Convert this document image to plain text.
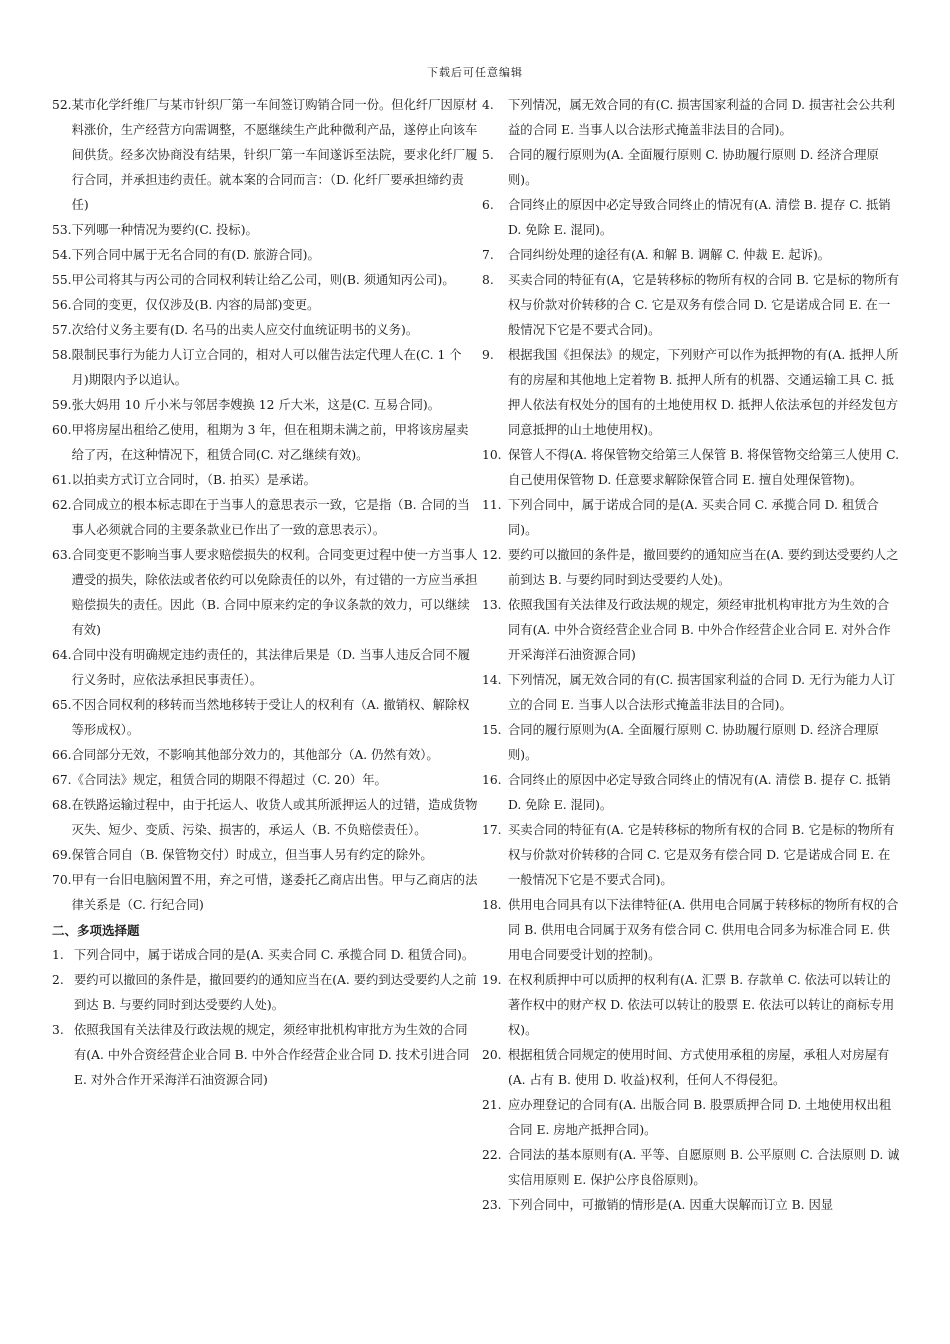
下载后可任意编辑
52. 某市化学纤维厂与某市针织厂第一车间签订购销合同一份。但化纤厂因原材料涨价，生产经营方向需调整，不愿继续生产此种微利产品，遂停止向该车间供货。经多次协商没有结果，针织厂第一车间遂诉至法院，要求化纤厂履行合同，并承担违约责任。就本案的合同而言：（D. 化纤厂要承担缔约责任)
53. 下列哪一种情况为要约(C. 投标)。
54. 下列合同中属于无名合同的有(D. 旅游合同)。
55. 甲公司将其与丙公司的合同权利转让给乙公司，则(B. 须通知丙公司)。
56. 合同的变更，仅仅涉及(B. 内容的局部)变更。
57. 次给付义务主要有(D. 名马的出卖人应交付血统证明书的义务)。
58. 限制民事行为能力人订立合同的，相对人可以催告法定代理人在(C. 1 个月)期限内予以追认。
59. 张大妈用 10 斤小米与邻居李嫂换 12 斤大米，这是(C. 互易合同)。
60. 甲将房屋出租给乙使用，租期为 3 年，但在租期未满之前，甲将该房屋卖给了丙，在这种情况下，租赁合同(C. 对乙继续有效)。
61. 以拍卖方式订立合同时，（B. 拍买）是承诺。
62. 合同成立的根本标志即在于当事人的意思表示一致，它是指（B. 合同的当事人必须就合同的主要条款业已作出了一致的意思表示）。
63. 合同变更不影响当事人要求赔偿损失的权利。合同变更过程中使一方当事人遭受的损失，除依法或者依约可以免除责任的以外，有过错的一方应当承担赔偿损失的责任。因此（B. 合同中原来约定的争议条款的效力，可以继续有效)
64. 合同中没有明确规定违约责任的，其法律后果是（D. 当事人违反合同不履行义务时，应依法承担民事责任）。
65. 不因合同权利的移转而当然地移转于受让人的权利有（A. 撤销权、解除权等形成权）。
66. 合同部分无效，不影响其他部分效力的，其他部分（A. 仍然有效）。
67. 《合同法》规定，租赁合同的期限不得超过（C. 20）年。
68. 在铁路运输过程中，由于托运人、收货人或其所派押运人的过错，造成货物灭失、短少、变质、污染、损害的，承运人（B. 不负赔偿责任）。
69. 保管合同自（B. 保管物交付）时成立，但当事人另有约定的除外。
70. 甲有一台旧电脑闲置不用，弃之可惜，遂委托乙商店出售。甲与乙商店的法律关系是（C. 行纪合同)
二、多项选择题
1. 下列合同中，属于诺成合同的是(A. 买卖合同 C. 承揽合同 D. 租赁合同)。
2. 要约可以撤回的条件是，撤回要约的通知应当在(A. 要约到达受要约人之前到达 B. 与要约同时到达受要约人处)。
3. 依照我国有关法律及行政法规的规定，须经审批机构审批方为生效的合同有(A. 中外合资经营企业合同 B. 中外合作经营企业合同 D. 技术引进合同 E. 对外合作开采海洋石油资源合同)
4.	下列情况，属无效合同的有(C. 损害国家利益的合同 D. 损害社会公共利益的合同 E. 当事人以合法形式掩盖非法目的合同)。
5.	合同的履行原则为(A. 全面履行原则 C. 协助履行原则 D. 经济合理原则)。
6.	合同终止的原因中必定导致合同终止的情况有(A. 清偿 B. 提存 C. 抵销 D. 免除 E. 混同)。
7.	合同纠纷处理的途径有(A. 和解 B. 调解 C. 仲裁 E. 起诉)。
8.	买卖合同的特征有(A，它是转移标的物所有权的合同 B. 它是标的物所有权与价款对价转移的合 C. 它是双务有偿合同 D. 它是诺成合同 E. 在一般情况下它是不要式合同)。
9.	根据我国《担保法》的规定，下列财产可以作为抵押物的有(A. 抵押人所有的房屋和其他地上定着物 B. 抵押人所有的机器、交通运输工具 C. 抵押人依法有权处分的国有的土地使用权 D. 抵押人依法承包的并经发包方同意抵押的山土地使用权)。
10. 保管人不得(A. 将保管物交给第三人保管 B. 将保管物交给第三人使用 C. 自己使用保管物 D. 任意要求解除保管合同 E. 擅自处理保管物)。
11. 下列合同中，属于诺成合同的是(A. 买卖合同 C. 承揽合同 D. 租赁合同)。
12. 要约可以撤回的条件是，撤回要约的通知应当在(A. 要约到达受要约人之前到达 B. 与要约同时到达受要约人处)。
13. 依照我国有关法律及行政法规的规定，须经审批机构审批方为生效的合同有(A. 中外合资经营企业合同 B. 中外合作经营企业合同 E. 对外合作开采海洋石油资源合同)
14. 下列情况，属无效合同的有(C. 损害国家利益的合同 D. 无行为能力人订立的合同 E. 当事人以合法形式掩盖非法目的合同)。
15. 合同的履行原则为(A. 全面履行原则 C. 协助履行原则 D. 经济合理原则)。
16. 合同终止的原因中必定导致合同终止的情况有(A. 清偿 B. 提存 C. 抵销 D. 免除 E. 混同)。
17. 买卖合同的特征有(A. 它是转移标的物所有权的合同 B. 它是标的物所有权与价款对价转移的合同 C. 它是双务有偿合同 D. 它是诺成合同 E. 在一般情况下它是不要式合同)。
18. 供用电合同具有以下法律特征(A. 供用电合同属于转移标的物所有权的合同 B. 供用电合同属于双务有偿合同 C. 供用电合同多为标准合同 E. 供用电合同要受计划的控制)。
19. 在权利质押中可以质押的权利有(A. 汇票 B. 存款单 C. 依法可以转让的著作权中的财产权 D. 依法可以转让的股票 E. 依法可以转让的商标专用权)。
20. 根据租赁合同规定的使用时间、方式使用承租的房屋，承租人对房屋有(A. 占有 B. 使用 D. 收益)权利，任何人不得侵犯。
21. 应办理登记的合同有(A. 出版合同 B. 股票质押合同 D. 土地使用权出租合同 E. 房地产抵押合同)。
22. 合同法的基本原则有(A. 平等、自愿原则 B. 公平原则 C. 合法原则 D. 诚实信用原则 E. 保护公序良俗原则)。
23. 下列合同中，可撤销的情形是(A. 因重大误解而订立 B. 因显
